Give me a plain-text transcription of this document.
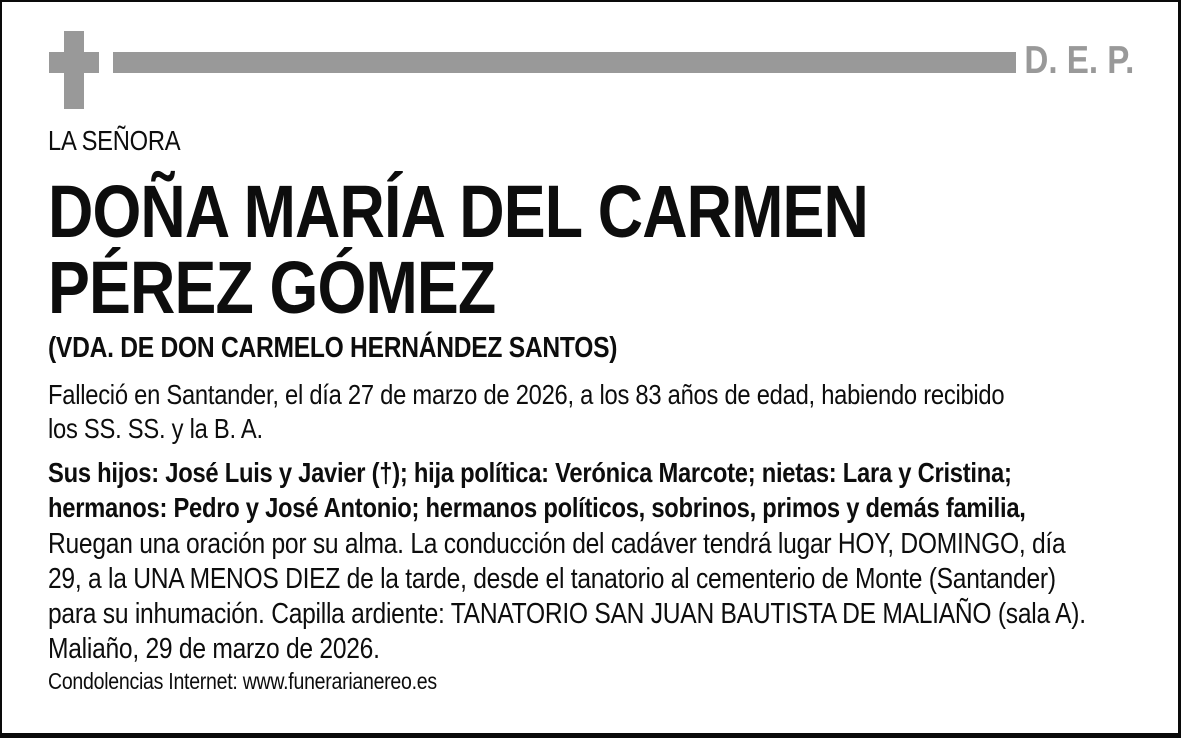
D. E. P.
LA SEÑORA
DOÑA MARÍA DEL CARMEN
PÉREZ GÓMEZ
(VDA. DE DON CARMELO HERNÁNDEZ SANTOS)

Falleció en Santander, el día 27 de marzo de 2026, a los 83 años de edad, habiendo recibido
los SS. SS. y la B. A.

Sus hijos: José Luis y Javier (†); hija política: Verónica Marcote; nietas: Lara y Cristina;
hermanos: Pedro y José Antonio; hermanos políticos, sobrinos, primos y demás familia,

Ruegan una oración por su alma. La conducción del cadáver tendrá lugar HOY, DOMINGO, día
29, a la UNA MENOS DIEZ de la tarde, desde el tanatorio al cementerio de Monte (Santander)
para su inhumación. Capilla ardiente: TANATORIO SAN JUAN BAUTISTA DE MALIAÑO (sala A).

Maliaño, 29 de marzo de 2026.

Condolencias Internet: www.funerarianereo.es
